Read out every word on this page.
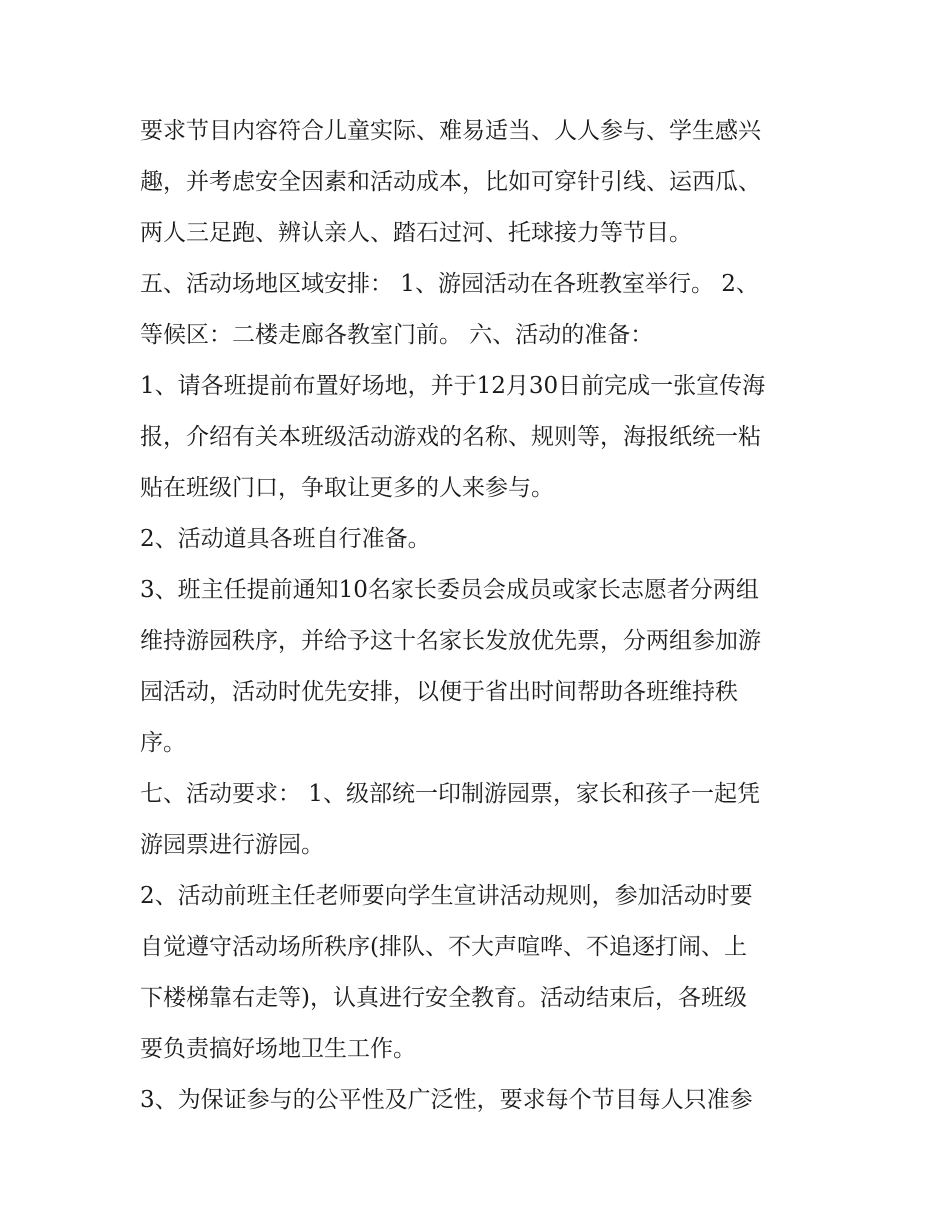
要求节目内容符合儿童实际、难易适当、人人参与、学生感兴
趣，并考虑安全因素和活动成本，比如可穿针引线、运西瓜、
两人三足跑、辨认亲人、踏石过河、托球接力等节目。
五、活动场地区域安排： 1、游园活动在各班教室举行。 2、
等候区：二楼走廊各教室门前。 六、活动的准备：
1、请各班提前布置好场地，并于12月30日前完成一张宣传海
报，介绍有关本班级活动游戏的名称、规则等，海报纸统一粘
贴在班级门口，争取让更多的人来参与。
2、活动道具各班自行准备。
3、班主任提前通知10名家长委员会成员或家长志愿者分两组
维持游园秩序，并给予这十名家长发放优先票，分两组参加游
园活动，活动时优先安排，以便于省出时间帮助各班维持秩
序。
七、活动要求： 1、级部统一印制游园票，家长和孩子一起凭
游园票进行游园。
2、活动前班主任老师要向学生宣讲活动规则，参加活动时要
自觉遵守活动场所秩序(排队、不大声喧哗、不追逐打闹、上
下楼梯靠右走等)，认真进行安全教育。活动结束后，各班级
要负责搞好场地卫生工作。
3、为保证参与的公平性及广泛性，要求每个节目每人只准参
